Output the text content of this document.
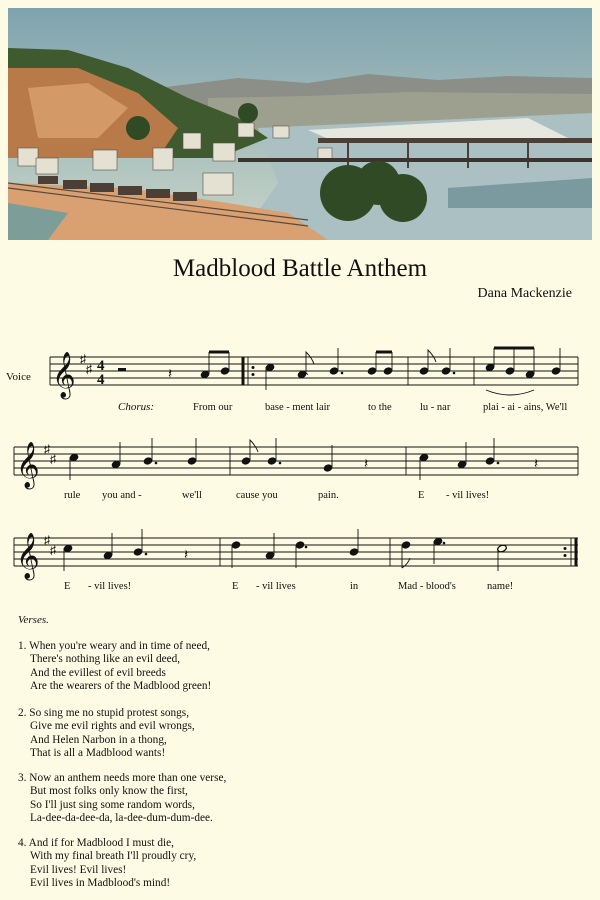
Madblood Battle Anthem
Dana Mackenzie
Voice 𝄞 ♯
♯ 4
4	𝄽
Chorus:	From our	base - ment lair	to the	lu - nar	plai - ai - ains, We'll
𝄞 ♯
♯	𝄽	𝄽
rule you and -	we'll	cause you	pain.	E - vil lives!
𝄞 ♯
♯	𝄽
E - vil lives!	E - vil lives	in	Mad - blood's	name!
Verses.
1. When you're weary and in time of need,
There's nothing like an evil deed,
And the evillest of evil breeds
Are the wearers of the Madblood green!
2. So sing me no stupid protest songs,
Give me evil rights and evil wrongs,
And Helen Narbon in a thong,
That is all a Madblood wants!
3. Now an anthem needs more than one verse,
But most folks only know the first,
So I'll just sing some random words,
La-dee-da-dee-da, la-dee-dum-dum-dee.
4. And if for Madblood I must die,
With my final breath I'll proudly cry,
Evil lives! Evil lives!
Evil lives in Madblood's mind!
